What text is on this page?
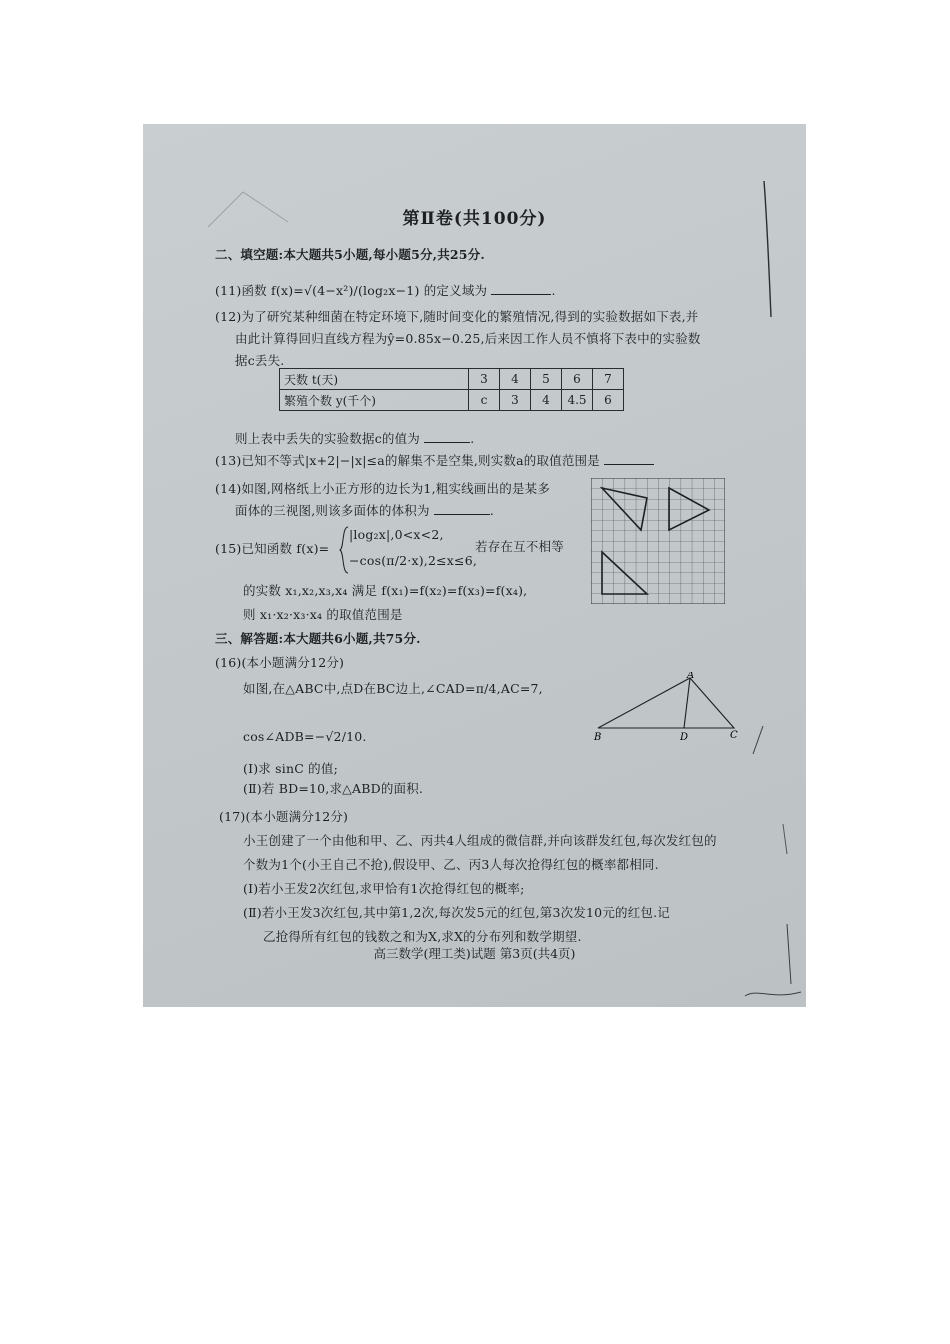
第Ⅱ卷(共100分)
二、填空题:本大题共5小题,每小题5分,共25分.
(11)函数 f(x)=√(4−x²)/(log₂x−1) 的定义域为	.
(12)为了研究某种细菌在特定环境下,随时间变化的繁殖情况,得到的实验数据如下表,并
由此计算得回归直线方程为ŷ=0.85x−0.25,后来因工作人员不慎将下表中的实验数
据c丢失.
天数 t(天)	3	4	5	6	7
繁殖个数 y(千个)	c	3	4	4.5	6
则上表中丢失的实验数据c的值为	.
(13)已知不等式|x+2|−|x|≤a的解集不是空集,则实数a的取值范围是
(14)如图,网格纸上小正方形的边长为1,粗实线画出的是某多
面体的三视图,则该多面体的体积为	.
(15)已知函数 f(x)=
|log₂x|,0<x<2,
−cos(π/2·x),2≤x≤6,
若存在互不相等
的实数 x₁,x₂,x₃,x₄ 满足 f(x₁)=f(x₂)=f(x₃)=f(x₄),
则 x₁·x₂·x₃·x₄ 的取值范围是
三、解答题:本大题共6小题,共75分.
(16)(本小题满分12分)
如图,在△ABC中,点D在BC边上,∠CAD=π/4,AC=7,
cos∠ADB=−√2/10.
(Ⅰ)求 sinC 的值;
(Ⅱ)若 BD=10,求△ABD的面积.
A
B	D	C
(17)(本小题满分12分)
小王创建了一个由他和甲、乙、丙共4人组成的微信群,并向该群发红包,每次发红包的
个数为1个(小王自己不抢),假设甲、乙、丙3人每次抢得红包的概率都相同.
(Ⅰ)若小王发2次红包,求甲恰有1次抢得红包的概率;
(Ⅱ)若小王发3次红包,其中第1,2次,每次发5元的红包,第3次发10元的红包.记
乙抢得所有红包的钱数之和为X,求X的分布列和数学期望.
高三数学(理工类)试题 第3页(共4页)
